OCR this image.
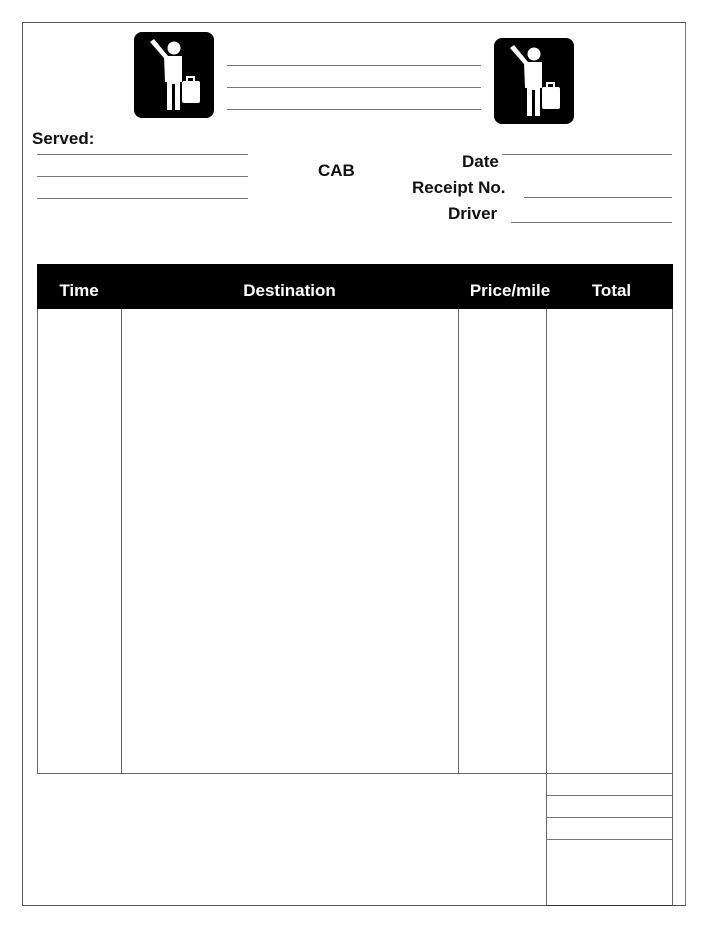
Served:
CAB	Date
Receipt No.
Driver
Time	Destination	Price/mile	Total
